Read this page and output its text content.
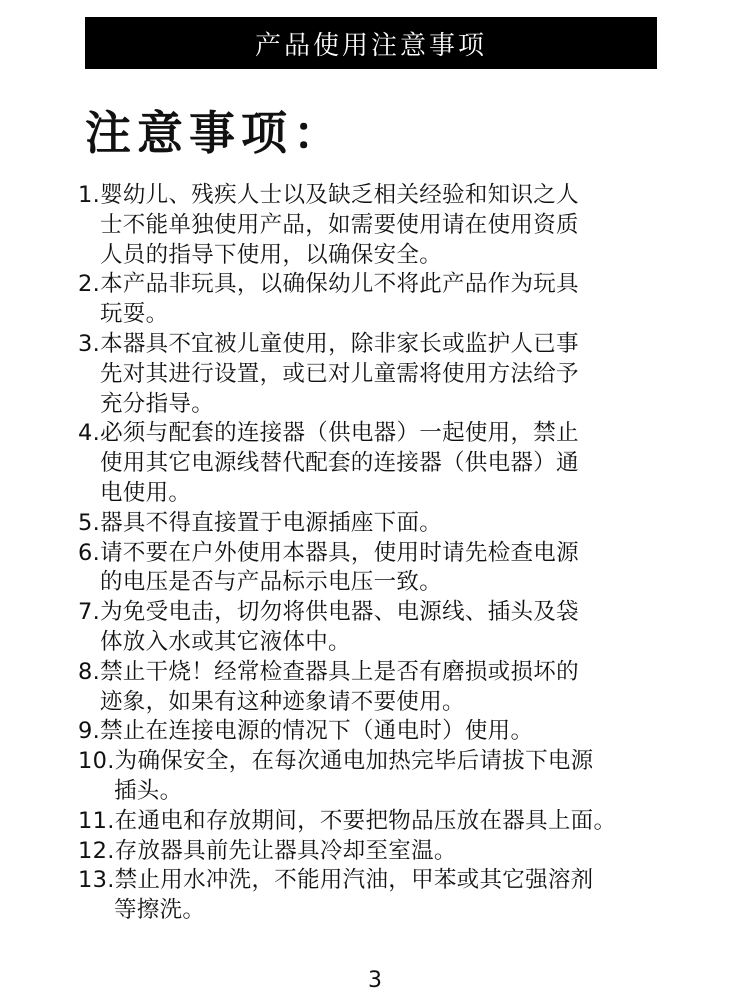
产品使用注意事项
注意事项：
1.婴幼儿、残疾人士以及缺乏相关经验和知识之人
士不能单独使用产品，如需要使用请在使用资质
人员的指导下使用，以确保安全。
2.本产品非玩具，以确保幼儿不将此产品作为玩具
玩耍。
3.本器具不宜被儿童使用，除非家长或监护人已事
先对其进行设置，或已对儿童需将使用方法给予
充分指导。
4.必须与配套的连接器（供电器）一起使用，禁止
使用其它电源线替代配套的连接器（供电器）通
电使用。
5.器具不得直接置于电源插座下面。
6.请不要在户外使用本器具，使用时请先检查电源
的电压是否与产品标示电压一致。
7.为免受电击，切勿将供电器、电源线、插头及袋
体放入水或其它液体中。
8.禁止干烧！经常检查器具上是否有磨损或损坏的
迹象，如果有这种迹象请不要使用。
9.禁止在连接电源的情况下（通电时）使用。
10.为确保安全，在每次通电加热完毕后请拔下电源
插头。
11.在通电和存放期间，不要把物品压放在器具上面。
12.存放器具前先让器具冷却至室温。
13.禁止用水冲洗，不能用汽油，甲苯或其它强溶剂
等擦洗。
3
